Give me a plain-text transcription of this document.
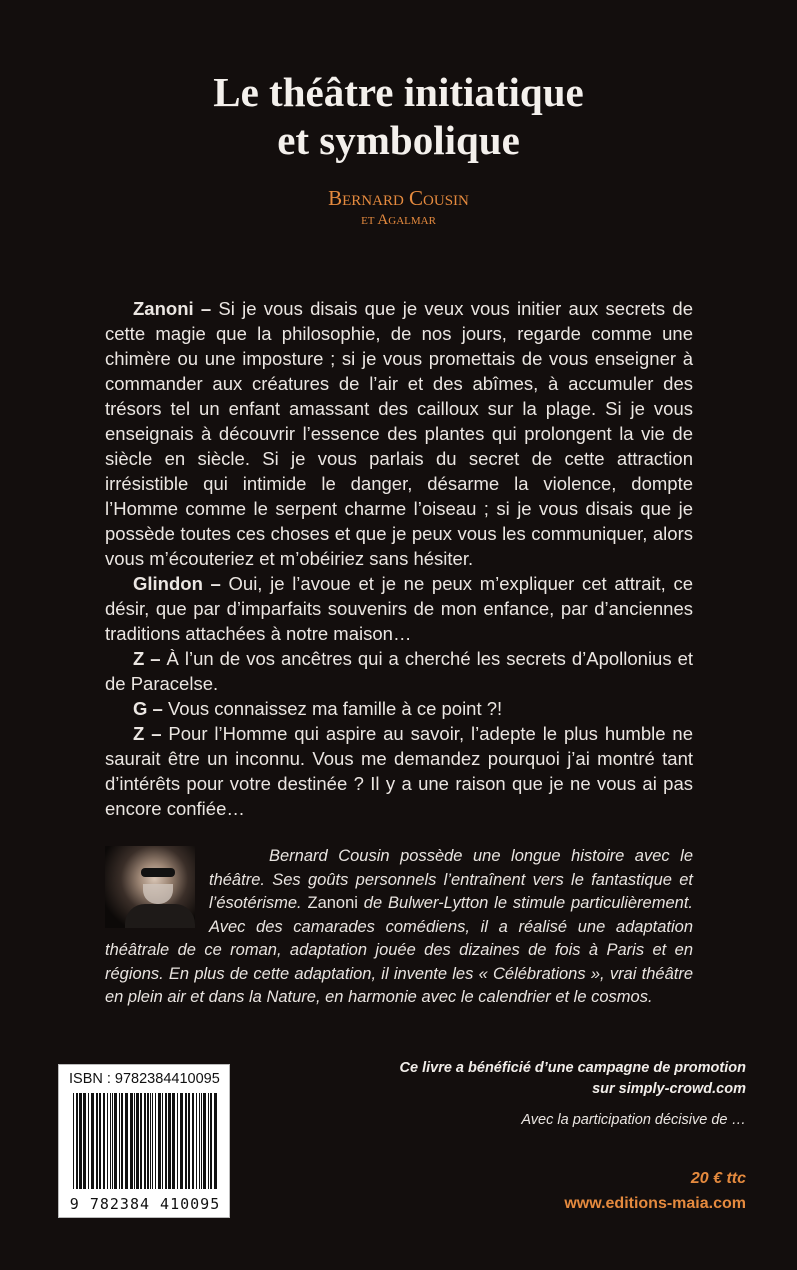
Le théâtre initiatique
et symbolique
Bernard Cousin
et Agalmar

Zanoni – Si je vous disais que je veux vous initier aux secrets de cette magie que la philosophie, de nos jours, regarde comme une chimère ou une imposture ; si je vous promettais de vous enseigner à commander aux créatures de l’air et des abîmes, à accumuler des trésors tel un enfant amassant des cailloux sur la plage. Si je vous enseignais à découvrir l’essence des plantes qui prolongent la vie de siècle en siècle. Si je vous parlais du secret de cette attraction irrésistible qui intimide le danger, désarme la violence, dompte l’Homme comme le serpent charme l’oiseau ; si je vous disais que je possède toutes ces choses et que je peux vous les communiquer, alors vous m’écouteriez et m’obéiriez sans hésiter.

Glindon – Oui, je l’avoue et je ne peux m’expliquer cet attrait, ce désir, que par d’imparfaits souvenirs de mon enfance, par d’anciennes traditions attachées à notre maison…

Z – À l’un de vos ancêtres qui a cherché les secrets d’Apollonius et de Paracelse.

G – Vous connaissez ma famille à ce point ?!

Z – Pour l’Homme qui aspire au savoir, l’adepte le plus humble ne saurait être un inconnu. Vous me demandez pourquoi j’ai montré tant d’intérêts pour votre destinée ? Il y a une raison que je ne vous ai pas encore confiée…

Bernard Cousin possède une longue histoire avec le théâtre. Ses goûts personnels l’entraînent vers le fantastique et l’ésotérisme. Zanoni de Bulwer-Lytton le stimule particulièrement. Avec des camarades comédiens, il a réalisé une adaptation théâtrale de ce roman, adaptation jouée des dizaines de fois à Paris et en régions. En plus de cette adaptation, il invente les « Célébrations », vrai théâtre en plein air et dans la Nature, en harmonie avec le calendrier et le cosmos.
ISBN : 9782384410095
9 782384 410095
Ce livre a bénéficié d’une campagne de promotion
sur simply-crowd.com
Avec la participation décisive de …
20 € ttc
www.editions-maia.com
